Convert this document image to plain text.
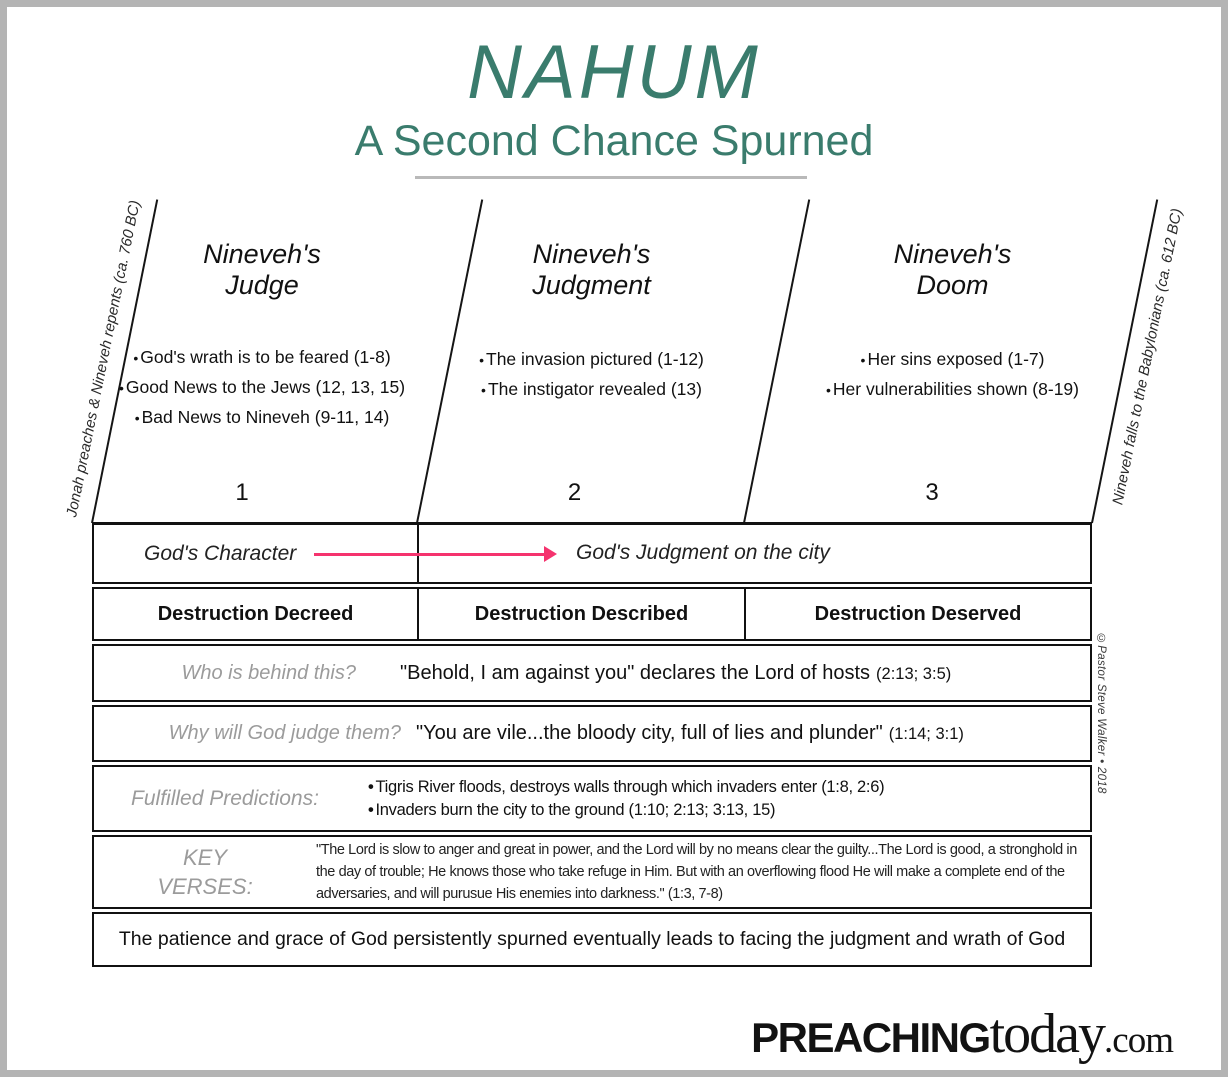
NAHUM
A Second Chance Spurned
Jonah preaches & Nineveh repents (ca. 760 BC)	Nineveh falls to the Babylonians (ca. 612 BC)
Nineveh's
Judge
• God's wrath is to be feared (1-8)
• Good News to the Jews (12, 13, 15)
• Bad News to Nineveh (9-11, 14)
Nineveh's
Judgment
• The invasion pictured (1-12)
• The instigator revealed (13)
Nineveh's
Doom
• Her sins exposed (1-7)
• Her vulnerabilities shown (8-19)
1	2	3
God's Character	God's Judgment on the city
Destruction Decreed	Destruction Described	Destruction Deserved
Who is behind this? "Behold, I am against you" declares the Lord of hosts (2:13; 3:5)
Why will God judge them? "You are vile...the bloody city, full of lies and plunder" (1:14; 3:1)
Fulfilled Predictions:	• Tigris River floods, destroys walls through which invaders enter (1:8, 2:6)
• Invaders burn the city to the ground (1:10; 2:13; 3:13, 15)
KEY
VERSES:
"The Lord is slow to anger and great in power, and the Lord will by no means clear the guilty...The Lord is good, a stronghold in the day of trouble; He knows those who take refuge in Him. But with an overflowing flood He will make a complete end of the adversaries, and will purusue His enemies into darkness." (1:3, 7-8)
The patience and grace of God persistently spurned eventually leads to facing the judgment and wrath of God
©Pastor Steve Walker • 2018
PREACHING today .com
